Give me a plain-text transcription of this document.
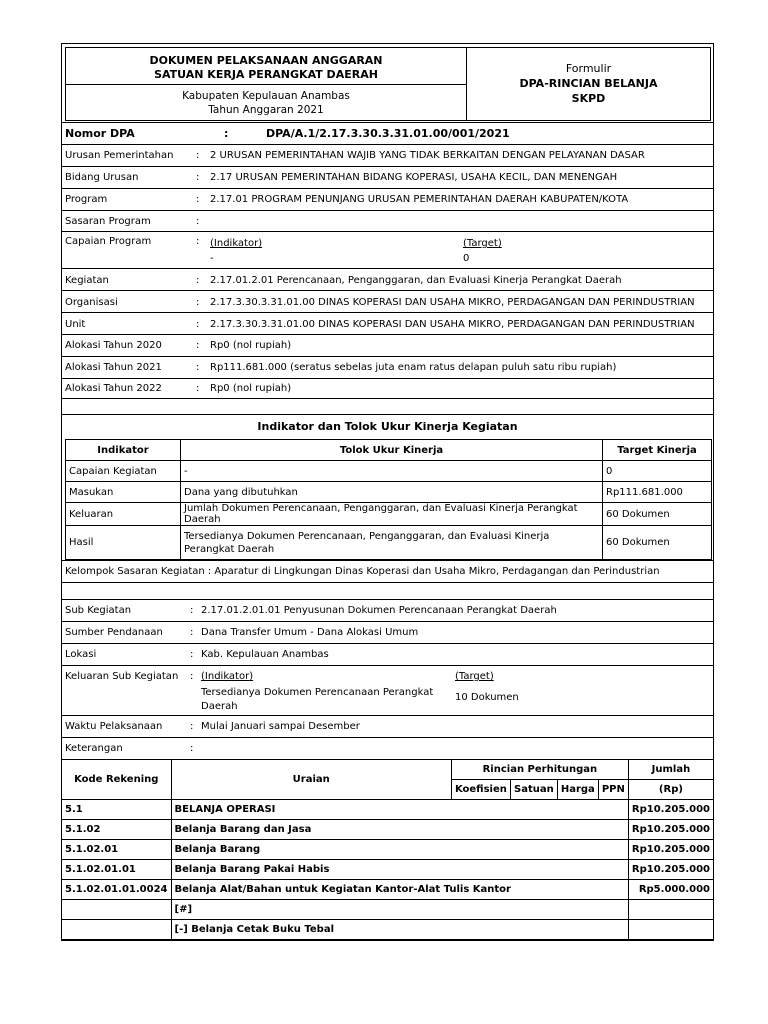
DOKUMEN PELAKSANAAN ANGGARAN
SATUAN KERJA PERANGKAT DAERAH
Kabupaten Kepulauan Anambas
Tahun Anggaran 2021
Formulir
DPA-RINCIAN BELANJA
SKPD
Nomor DPA	:	DPA/A.1/2.17.3.30.3.31.01.00/001/2021
Urusan Pemerintahan : 2 URUSAN PEMERINTAHAN WAJIB YANG TIDAK BERKAITAN DENGAN PELAYANAN DASAR
Bidang Urusan	: 2.17 URUSAN PEMERINTAHAN BIDANG KOPERASI, USAHA KECIL, DAN MENENGAH
Program	: 2.17.01 PROGRAM PENUNJANG URUSAN PEMERINTAHAN DAERAH KABUPATEN/KOTA
Sasaran Program	:
Capaian Program	: (Indikator)
-
(Target)
0
Kegiatan	: 2.17.01.2.01 Perencanaan, Penganggaran, dan Evaluasi Kinerja Perangkat Daerah
Organisasi	: 2.17.3.30.3.31.01.00 DINAS KOPERASI DAN USAHA MIKRO, PERDAGANGAN DAN PERINDUSTRIAN
Unit	: 2.17.3.30.3.31.01.00 DINAS KOPERASI DAN USAHA MIKRO, PERDAGANGAN DAN PERINDUSTRIAN
Alokasi Tahun 2020	: Rp0 (nol rupiah)
Alokasi Tahun 2021	: Rp111.681.000 (seratus sebelas juta enam ratus delapan puluh satu ribu rupiah)
Alokasi Tahun 2022	: Rp0 (nol rupiah)
Indikator dan Tolok Ukur Kinerja Kegiatan
Indikator	Tolok Ukur Kinerja	Target Kinerja
Capaian Kegiatan	-	0
Masukan	Dana yang dibutuhkan	Rp111.681.000
Keluaran	Jumlah Dokumen Perencanaan, Penganggaran, dan Evaluasi Kinerja Perangkat Daerah	60 Dokumen
Hasil	Tersedianya Dokumen Perencanaan, Penganggaran, dan Evaluasi Kinerja Perangkat Daerah	60 Dokumen
Kelompok Sasaran Kegiatan : Aparatur di Lingkungan Dinas Koperasi dan Usaha Mikro, Perdagangan dan Perindustrian
Sub Kegiatan	: 2.17.01.2.01.01 Penyusunan Dokumen Perencanaan Perangkat Daerah
Sumber Pendanaan	: Dana Transfer Umum - Dana Alokasi Umum
Lokasi	: Kab. Kepulauan Anambas
Keluaran Sub Kegiatan : (Indikator)
Tersedianya Dokumen Perencanaan Perangkat Daerah
(Target)
10 Dokumen
Waktu Pelaksanaan	: Mulai Januari sampai Desember
Keterangan	:
Kode Rekening	Uraian	Rincian Perhitungan				Jumlah
		Koefisien	Satuan	Harga	PPN	(Rp)
5.1	BELANJA OPERASI					Rp10.205.000
5.1.02	Belanja Barang dan Jasa					Rp10.205.000
5.1.02.01	Belanja Barang					Rp10.205.000
5.1.02.01.01	Belanja Barang Pakai Habis					Rp10.205.000
5.1.02.01.01.0024	Belanja Alat/Bahan untuk Kegiatan Kantor-Alat Tulis Kantor					Rp5.000.000
	[#]					
	[-] Belanja Cetak Buku Tebal					
